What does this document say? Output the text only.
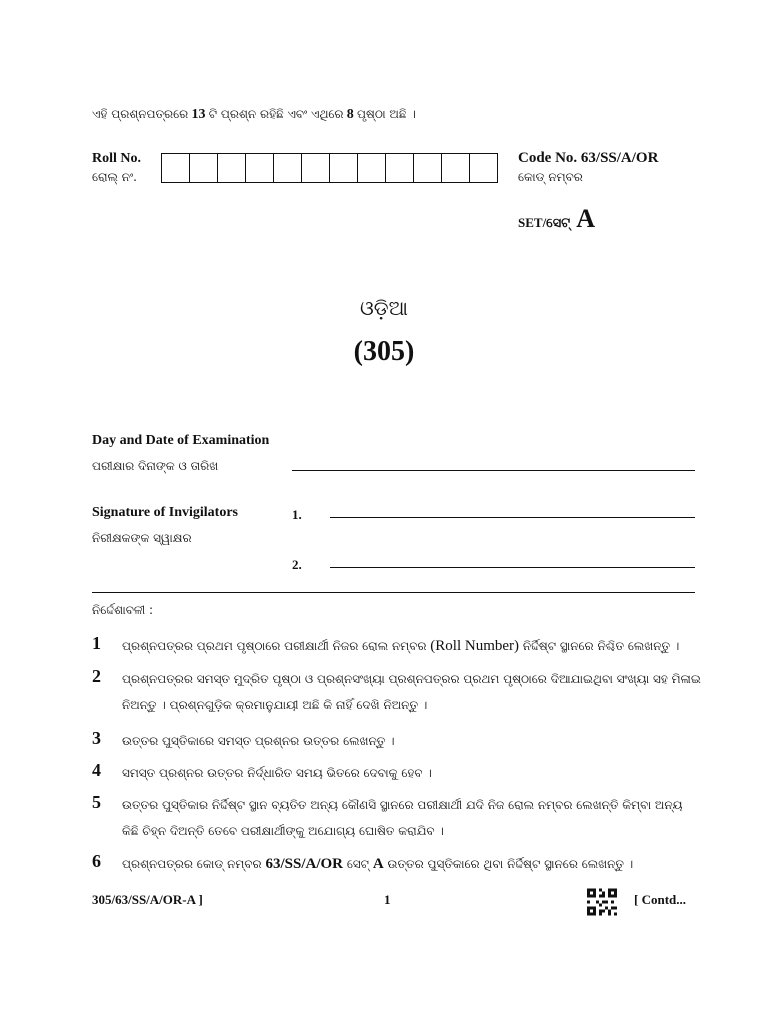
ଏହି ପ୍ରଶ୍ନପତ୍ରରେ 13 ଟି ପ୍ରଶ୍ନ ରହିଛି ଏବଂ ଏଥିରେ 8 ପୃଷ୍ଠା ଅଛି ।
Roll No.
ରୋଲ୍ ନଂ.
Code No. 63/SS/A/OR
କୋଡ୍ ନମ୍ବର
SET/ସେଟ୍ A
ଓଡ଼ିଆ
(305)
Day and Date of Examination
ପରୀକ୍ଷାର ଦିନାଙ୍କ ଓ ତାରିଖ
Signature of Invigilators
ନିରୀକ୍ଷକଙ୍କ ସ୍ୱାକ୍ଷର
1.
2.
ନିର୍ଦ୍ଦେଶାବଳୀ :
1	ପ୍ରଶ୍ନପତ୍ରର ପ୍ରଥମ ପୃଷ୍ଠାରେ ପରୀକ୍ଷାର୍ଥୀ ନିଜର ରୋଲ ନମ୍ବର (Roll Number) ନିର୍ଦ୍ଦିଷ୍ଟ ସ୍ଥାନରେ ନିଶ୍ଚିତ ଲେଖନ୍ତୁ ।
2	ପ୍ରଶ୍ନପତ୍ରର ସମସ୍ତ ମୁଦ୍ରିତ ପୃଷ୍ଠା ଓ ପ୍ରଶ୍ନସଂଖ୍ୟା ପ୍ରଶ୍ନପତ୍ରର ପ୍ରଥମ ପୃଷ୍ଠାରେ ଦିଆଯାଇଥିବା ସଂଖ୍ୟା ସହ ମିଳାଇ ନିଅନ୍ତୁ । ପ୍ରଶ୍ନଗୁଡ଼ିକ କ୍ରମାନୁଯାୟୀ ଅଛି କି ନାହିଁ ଦେଖି ନିଅନ୍ତୁ ।
3	ଉତ୍ତର ପୁସ୍ତିକାରେ ସମସ୍ତ ପ୍ରଶ୍ନର ଉତ୍ତର ଲେଖନ୍ତୁ ।
4	ସମସ୍ତ ପ୍ରଶ୍ନର ଉତ୍ତର ନିର୍ଦ୍ଧାରିତ ସମୟ ଭିତରେ ଦେବାକୁ ହେବ ।
5	ଉତ୍ତର ପୁସ୍ତିକାର ନିର୍ଦ୍ଦିଷ୍ଟ ସ୍ଥାନ ବ୍ୟତିତ ଅନ୍ୟ କୌଣସି ସ୍ଥାନରେ ପରୀକ୍ଷାର୍ଥୀ ଯଦି ନିଜ ରୋଲ ନମ୍ବର ଲେଖନ୍ତି କିମ୍ବା ଅନ୍ୟ କିଛି ଚିହ୍ନ ଦିଅନ୍ତି ତେବେ ପରୀକ୍ଷାର୍ଥୀଙ୍କୁ ଅଯୋଗ୍ୟ ଘୋଷିତ କରାଯିବ ।
6	ପ୍ରଶ୍ନପତ୍ରର କୋଡ୍ ନମ୍ବର 63/SS/A/OR ସେଟ୍ A ଉତ୍ତର ପୁସ୍ତିକାରେ ଥିବା ନିର୍ଦ୍ଦିଷ୍ଟ ସ୍ଥାନରେ ଲେଖନ୍ତୁ ।
305/63/SS/A/OR-A ]	1	[ Contd...
